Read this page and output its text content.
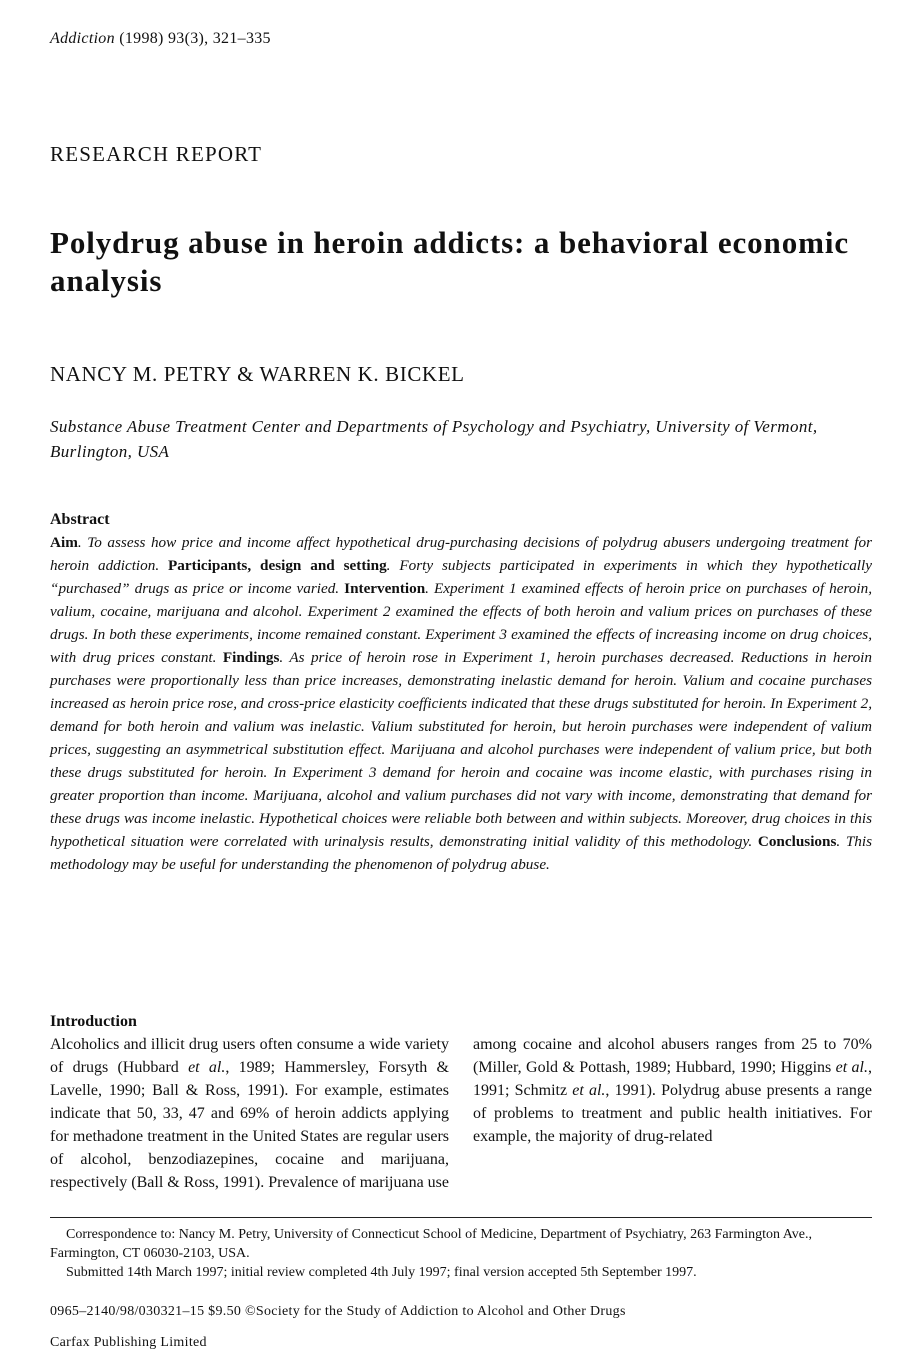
Addiction (1998) 93(3), 321–335
RESEARCH REPORT
Polydrug abuse in heroin addicts: a behavioral economic analysis
NANCY M. PETRY & WARREN K. BICKEL
Substance Abuse Treatment Center and Departments of Psychology and Psychiatry, University of Vermont, Burlington, USA
Abstract
Aim. To assess how price and income affect hypothetical drug-purchasing decisions of polydrug abusers undergoing treatment for heroin addiction. Participants, design and setting. Forty subjects participated in experiments in which they hypothetically “purchased” drugs as price or income varied. Intervention. Experiment 1 examined effects of heroin price on purchases of heroin, valium, cocaine, marijuana and alcohol. Experiment 2 examined the effects of both heroin and valium prices on purchases of these drugs. In both these experiments, income remained constant. Experiment 3 examined the effects of increasing income on drug choices, with drug prices constant. Findings. As price of heroin rose in Experiment 1, heroin purchases decreased. Reductions in heroin purchases were proportionally less than price increases, demonstrating inelastic demand for heroin. Valium and cocaine purchases increased as heroin price rose, and cross-price elasticity coefficients indicated that these drugs substituted for heroin. In Experiment 2, demand for both heroin and valium was inelastic. Valium substituted for heroin, but heroin purchases were independent of valium prices, suggesting an asymmetrical substitution effect. Marijuana and alcohol purchases were independent of valium price, but both these drugs substituted for heroin. In Experiment 3 demand for heroin and cocaine was income elastic, with purchases rising in greater proportion than income. Marijuana, alcohol and valium purchases did not vary with income, demonstrating that demand for these drugs was income inelastic. Hypothetical choices were reliable both between and within subjects. Moreover, drug choices in this hypothetical situation were correlated with urinalysis results, demonstrating initial validity of this methodology. Conclusions. This methodology may be useful for understanding the phenomenon of polydrug abuse.
Introduction

Alcoholics and illicit drug users often consume a wide variety of drugs (Hubbard et al., 1989; Hammersley, Forsyth & Lavelle, 1990; Ball & Ross, 1991). For example, estimates indicate that 50, 33, 47 and 69% of heroin addicts applying for methadone treatment in the United States are regular users of alcohol, benzodiazepines, cocaine and marijuana, respectively (Ball & Ross, 1991). Prevalence of marijuana use among cocaine and alcohol abusers ranges from 25 to 70% (Miller, Gold & Pottash, 1989; Hubbard, 1990; Higgins et al., 1991; Schmitz et al., 1991). Polydrug abuse presents a range of problems to treatment and public health initiatives. For example, the majority of drug-related

Correspondence to: Nancy M. Petry, University of Connecticut School of Medicine, Department of Psychiatry, 263 Farmington Ave., Farmington, CT 06030-2103, USA.

Submitted 14th March 1997; initial review completed 4th July 1997; final version accepted 5th September 1997.

0965–2140/98/030321–15 $9.50 ©Society for the Study of Addiction to Alcohol and Other Drugs
Carfax Publishing Limited
